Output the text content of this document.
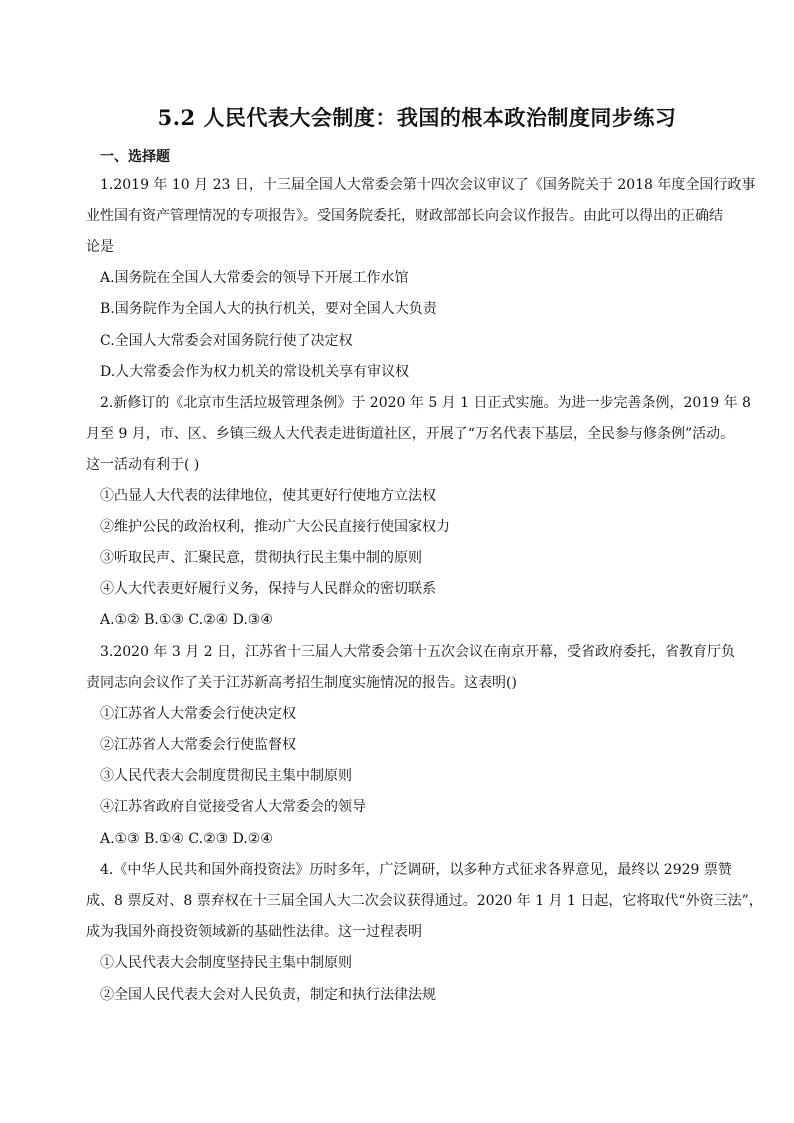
5.2 人民代表大会制度：我国的根本政治制度同步练习
一、选择题
1.2019 年 10 月 23 日，十三届全国人大常委会第十四次会议审议了《国务院关于 2018 年度全国行政事
业性国有资产管理情况的专项报告》。受国务院委托，财政部部长向会议作报告。由此可以得出的正确结
论是
A.国务院在全国人大常委会的领导下开展工作水馆
B.国务院作为全国人大的执行机关，要对全国人大负责
C.全国人大常委会对国务院行使了决定权
D.人大常委会作为权力机关的常设机关享有审议权
2.新修订的《北京市生活垃圾管理条例》于 2020 年 5 月 1 日正式实施。为进一步完善条例，2019 年 8
月至 9 月，市、区、乡镇三级人大代表走进街道社区，开展了“万名代表下基层，全民参与修条例”活动。
这一活动有利于( )
①凸显人大代表的法律地位，使其更好行使地方立法权
②维护公民的政治权利，推动广大公民直接行使国家权力
③听取民声、汇聚民意，贯彻执行民主集中制的原则
④人大代表更好履行义务，保持与人民群众的密切联系
A.①② B.①③ C.②④ D.③④
3.2020 年 3 月 2 日，江苏省十三届人大常委会第十五次会议在南京开幕，受省政府委托，省教育厅负
责同志向会议作了关于江苏新高考招生制度实施情况的报告。这表明()
①江苏省人大常委会行使决定权
②江苏省人大常委会行使监督权
③人民代表大会制度贯彻民主集中制原则
④江苏省政府自觉接受省人大常委会的领导
A.①③ B.①④ C.②③ D.②④
4.《中华人民共和国外商投资法》历时多年，广泛调研，以多种方式征求各界意见，最终以 2929 票赞
成、8 票反对、8 票弃权在十三届全国人大二次会议获得通过。2020 年 1 月 1 日起，它将取代“外资三法”，
成为我国外商投资领域新的基础性法律。这一过程表明
①人民代表大会制度坚持民主集中制原则
②全国人民代表大会对人民负责，制定和执行法律法规
